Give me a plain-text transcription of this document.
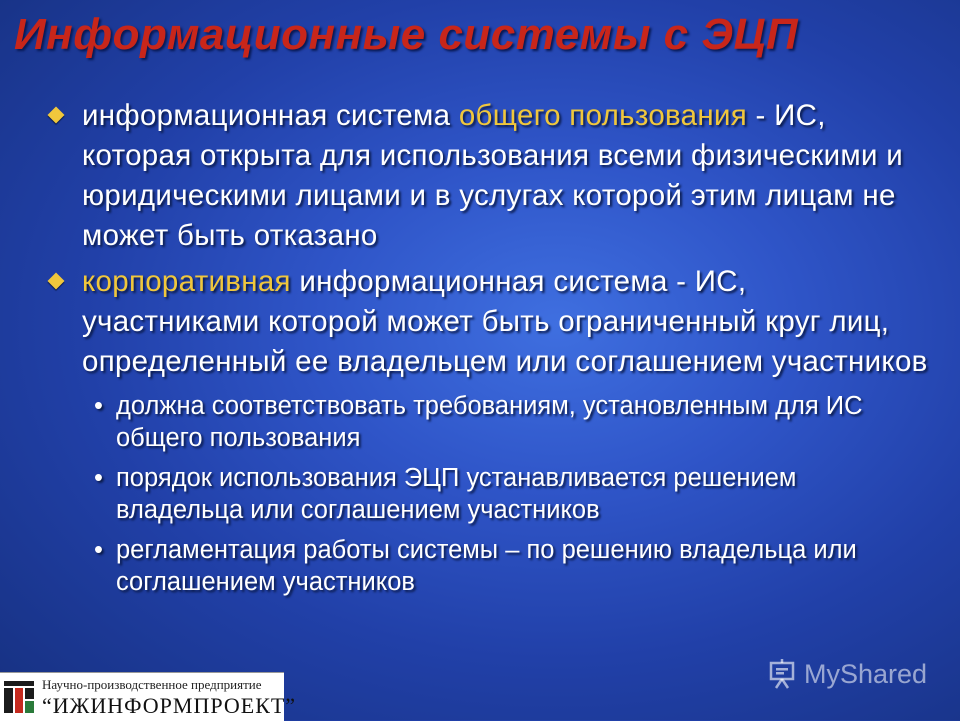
Информационные системы с ЭЦП
информационная система общего пользования - ИС, которая открыта для использования всеми физическими и юридическими лицами и в услугах которой этим лицам не может быть отказано
корпоративная информационная система - ИС, участниками которой может быть ограниченный круг лиц, определенный ее владельцем или соглашением участников
• должна соответствовать требованиям, установленным для ИС общего пользования
• порядок использования ЭЦП устанавливается решением владельца или соглашением участников
• регламентация работы системы – по решению владельца или соглашением участников
MyShared
Научно-производственное предприятие
“ИЖИНФОРМПРОЕКТ”
